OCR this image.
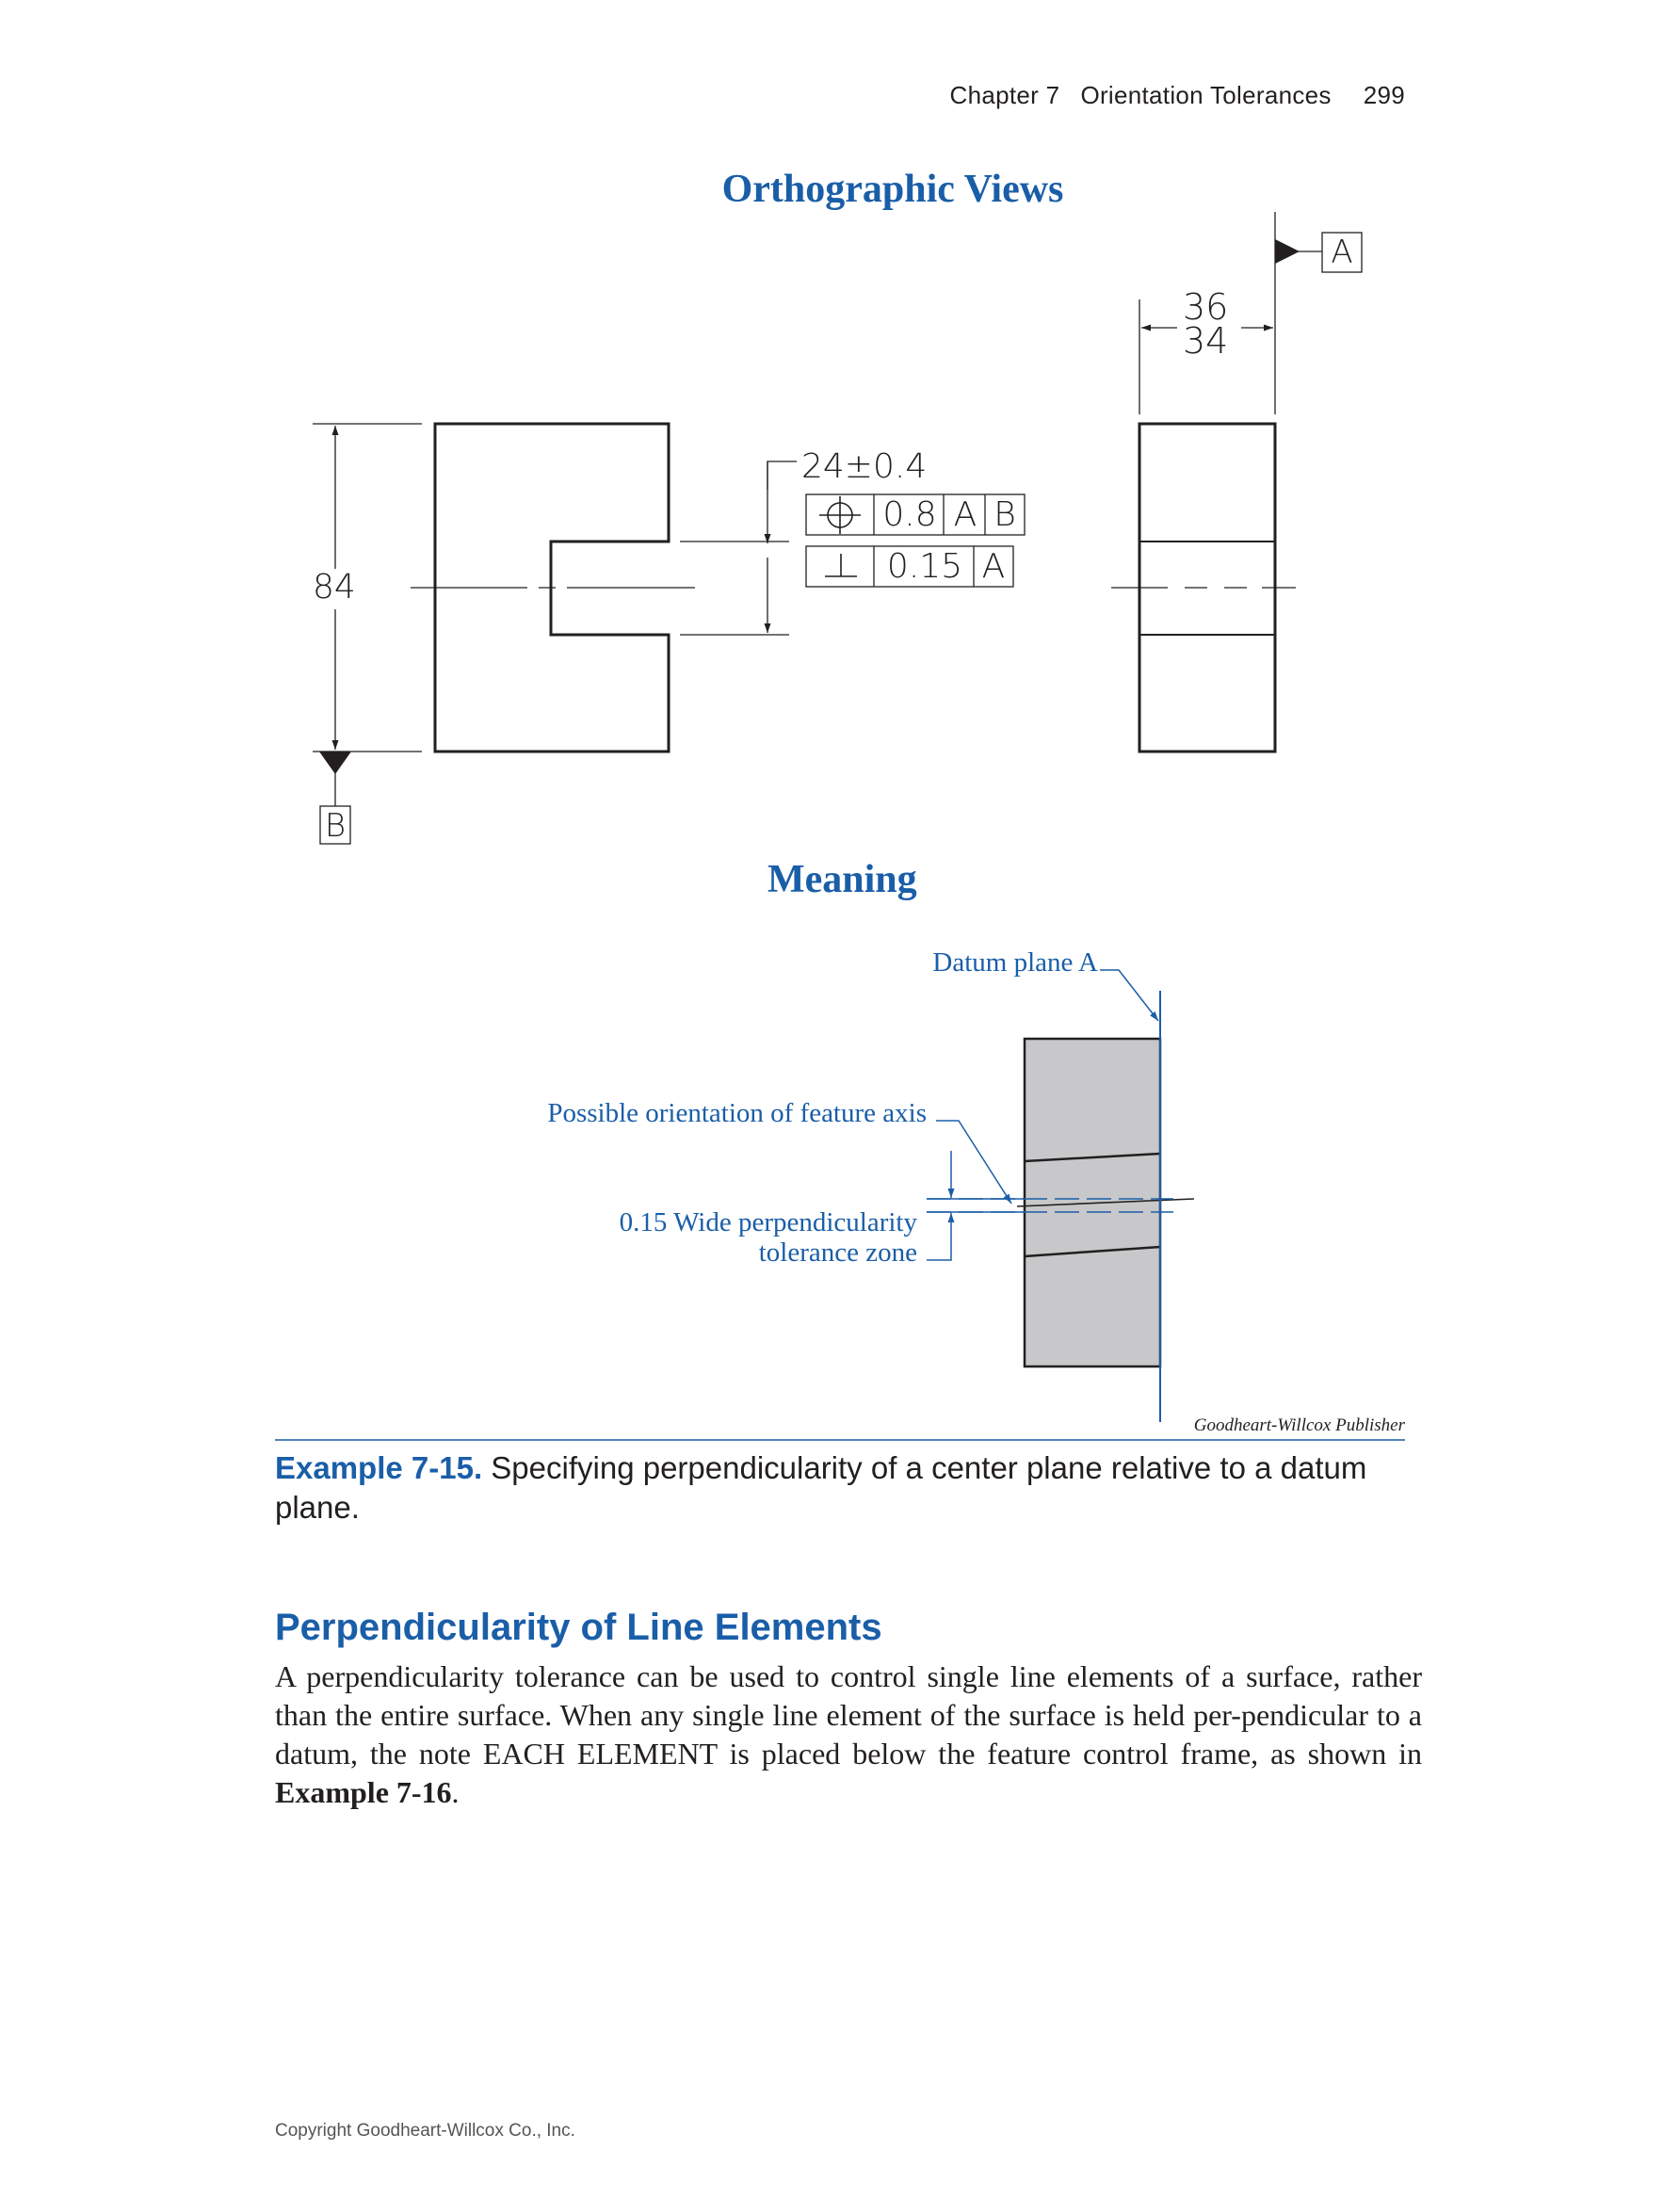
Chapter 7 Orientation Tolerances 299
Orthographic Views
Meaning
84
36
34
24±0.4
0.8 A B
0.15 A
A
B
Datum plane A
Possible orientation of feature axis
0.15 Wide perpendicularity
tolerance zone
Goodheart-Willcox Publisher
Example 7-15. Specifying perpendicularity of a center plane relative to a datum plane.
Perpendicularity of Line Elements
A perpendicularity tolerance can be used to control single line elements of a surface, rather than the entire surface. When any single line element of the surface is held per-pendicular to a datum, the note EACH ELEMENT is placed below the feature control frame, as shown in Example 7-16.
Copyright Goodheart-Willcox Co., Inc.
